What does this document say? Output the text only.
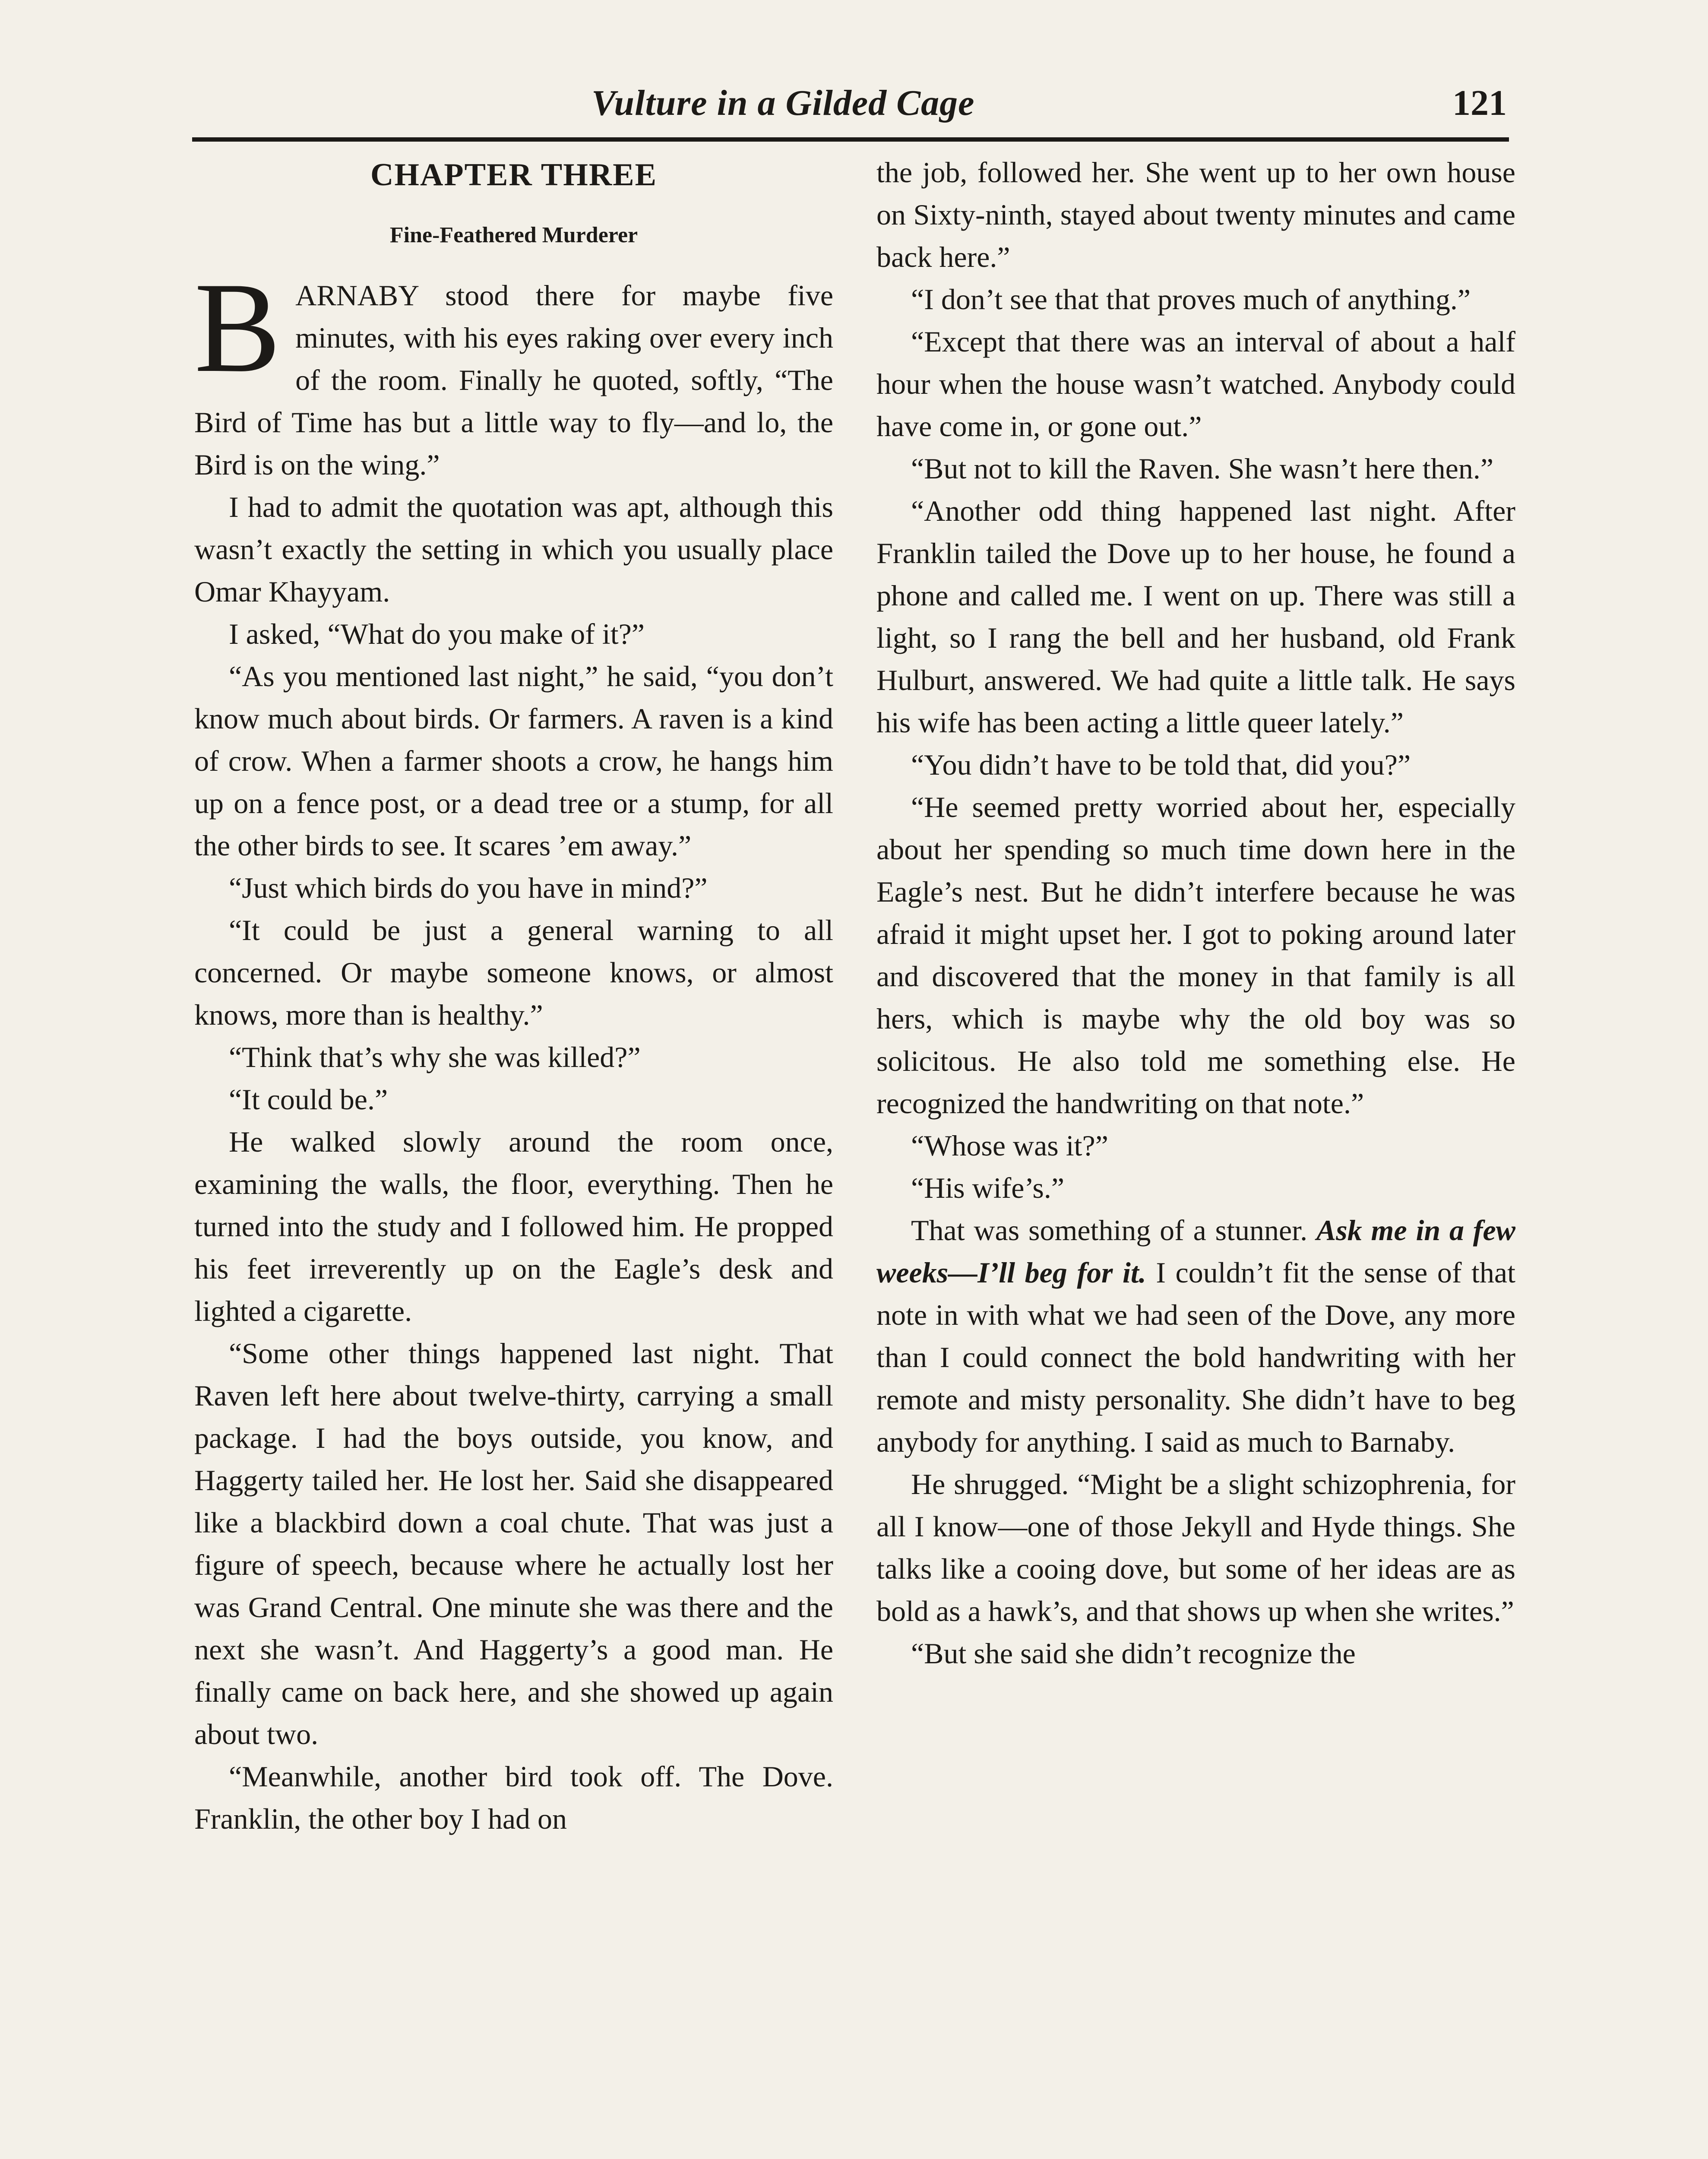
Vulture in a Gilded Cage	121
CHAPTER THREE
Fine-Feathered Murderer

BARNABY stood there for maybe five minutes, with his eyes raking over every inch of the room. Finally he quoted, softly, “The Bird of Time has but a little way to fly—and lo, the Bird is on the wing.”

I had to admit the quotation was apt, although this wasn’t exactly the setting in which you usually place Omar Khayyam.

I asked, “What do you make of it?”

“As you mentioned last night,” he said, “you don’t know much about birds. Or farmers. A raven is a kind of crow. When a farmer shoots a crow, he hangs him up on a fence post, or a dead tree or a stump, for all the other birds to see. It scares ’em away.”

“Just which birds do you have in mind?”

“It could be just a general warning to all concerned. Or maybe someone knows, or almost knows, more than is healthy.”

“Think that’s why she was killed?”

“It could be.”

He walked slowly around the room once, examining the walls, the floor, everything. Then he turned into the study and I followed him. He propped his feet irreverently up on the Eagle’s desk and lighted a cigarette.

“Some other things happened last night. That Raven left here about twelve-thirty, carrying a small package. I had the boys outside, you know, and Haggerty tailed her. He lost her. Said she disappeared like a blackbird down a coal chute. That was just a figure of speech, because where he actually lost her was Grand Central. One minute she was there and the next she wasn’t. And Haggerty’s a good man. He finally came on back here, and she showed up again about two.

“Meanwhile, another bird took off. The Dove. Franklin, the other boy I had on

the job, followed her. She went up to her own house on Sixty-ninth, stayed about twenty minutes and came back here.”

“I don’t see that that proves much of anything.”

“Except that there was an interval of about a half hour when the house wasn’t watched. Anybody could have come in, or gone out.”

“But not to kill the Raven. She wasn’t here then.”

“Another odd thing happened last night. After Franklin tailed the Dove up to her house, he found a phone and called me. I went on up. There was still a light, so I rang the bell and her husband, old Frank Hulburt, answered. We had quite a little talk. He says his wife has been acting a little queer lately.”

“You didn’t have to be told that, did you?”

“He seemed pretty worried about her, especially about her spending so much time down here in the Eagle’s nest. But he didn’t interfere because he was afraid it might upset her. I got to poking around later and discovered that the money in that family is all hers, which is maybe why the old boy was so solicitous. He also told me something else. He recognized the handwriting on that note.”

“Whose was it?”

“His wife’s.”

That was something of a stunner. Ask me in a few weeks—I’ll beg for it. I couldn’t fit the sense of that note in with what we had seen of the Dove, any more than I could connect the bold handwriting with her remote and misty personality. She didn’t have to beg anybody for anything. I said as much to Barnaby.

He shrugged. “Might be a slight schizophrenia, for all I know—one of those Jekyll and Hyde things. She talks like a cooing dove, but some of her ideas are as bold as a hawk’s, and that shows up when she writes.”

“But she said she didn’t recognize the
